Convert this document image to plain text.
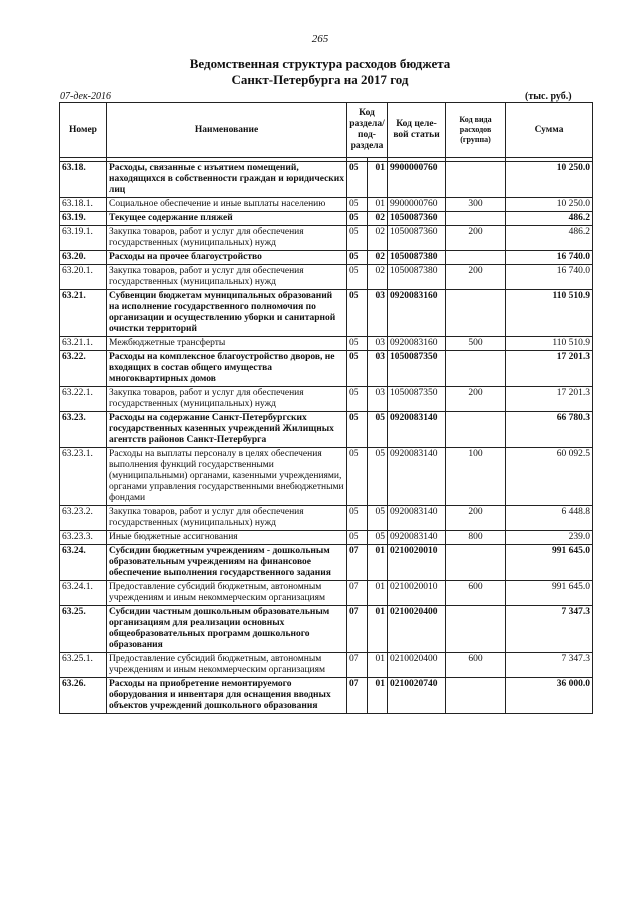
265
Ведомственная структура расходов бюджета
Санкт-Петербурга на 2017 год
07-дек-2016	(тыс. руб.)
Номер	Наименование	Код раздела/ под-раздела		Код целе-вой статьи	Код вида расходов (группа)	Сумма

63.18.	Расходы, связанные с изъятием помещений, находящихся в собственности граждан и юридических лиц	05	01	9900000760		10 250.0
63.18.1.	Социальное обеспечение и иные выплаты населению	05	01	9900000760	300	10 250.0
63.19.	Текущее содержание пляжей	05	02	1050087360		486.2
63.19.1.	Закупка товаров, работ и услуг для обеспечения государственных (муниципальных) нужд	05	02	1050087360	200	486.2
63.20.	Расходы на прочее благоустройство	05	02	1050087380		16 740.0
63.20.1.	Закупка товаров, работ и услуг для обеспечения государственных (муниципальных) нужд	05	02	1050087380	200	16 740.0
63.21.	Субвенции бюджетам муниципальных образований на исполнение государственного полномочия по организации и осуществлению уборки и санитарной очистки территорий	05	03	0920083160		110 510.9
63.21.1.	Межбюджетные трансферты	05	03	0920083160	500	110 510.9
63.22.	Расходы на комплексное благоустройство дворов, не входящих в состав общего имущества многоквартирных домов	05	03	1050087350		17 201.3
63.22.1.	Закупка товаров, работ и услуг для обеспечения государственных (муниципальных) нужд	05	03	1050087350	200	17 201.3
63.23.	Расходы на содержание Санкт-Петербургских государственных казенных учреждений Жилищных агентств районов Санкт-Петербурга	05	05	0920083140		66 780.3
63.23.1.	Расходы на выплаты персоналу в целях обеспечения выполнения функций государственными (муниципальными) органами, казенными учреждениями, органами управления государственными внебюджетными фондами	05	05	0920083140	100	60 092.5
63.23.2.	Закупка товаров, работ и услуг для обеспечения государственных (муниципальных) нужд	05	05	0920083140	200	6 448.8
63.23.3.	Иные бюджетные ассигнования	05	05	0920083140	800	239.0
63.24.	Субсидии бюджетным учреждениям - дошкольным образовательным учреждениям на финансовое обеспечение выполнения государственного задания	07	01	0210020010		991 645.0
63.24.1.	Предоставление субсидий бюджетным, автономным учреждениям и иным некоммерческим организациям	07	01	0210020010	600	991 645.0
63.25.	Субсидии частным дошкольным образовательным организациям для реализации основных общеобразовательных программ дошкольного образования	07	01	0210020400		7 347.3
63.25.1.	Предоставление субсидий бюджетным, автономным учреждениям и иным некоммерческим организациям	07	01	0210020400	600	7 347.3
63.26.	Расходы на приобретение немонтируемого оборудования и инвентаря для оснащения вводных объектов учреждений дошкольного образования	07	01	0210020740		36 000.0
